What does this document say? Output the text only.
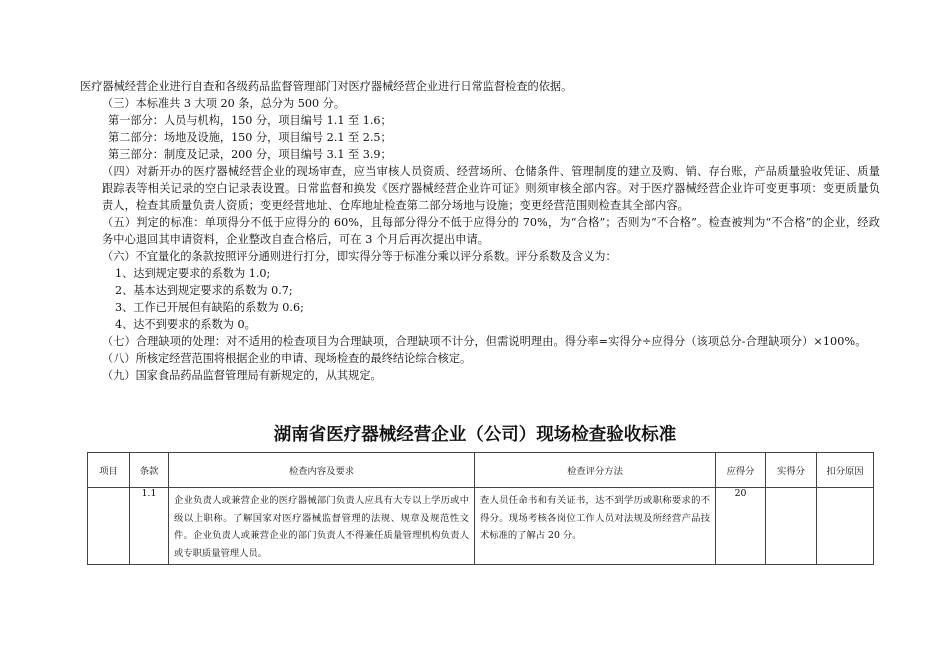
医疗器械经营企业进行自查和各级药品监督管理部门对医疗器械经营企业进行日常监督检查的依据。
（三）本标准共 3 大项 20 条，总分为 500 分。
第一部分：人员与机构，150 分，项目编号 1.1 至 1.6；
第二部分：场地及设施，150 分，项目编号 2.1 至 2.5；
第三部分：制度及记录，200 分，项目编号 3.1 至 3.9；
（四）对新开办的医疗器械经营企业的现场审查，应当审核人员资质、经营场所、仓储条件、管理制度的建立及购、销、存台账，产品质量验收凭证、质量跟踪表等相关记录的空白记录表设置。日常监督和换发《医疗器械经营企业许可证》则须审核全部内容。对于医疗器械经营企业许可变更事项：变更质量负责人，检查其质量负责人资质；变更经营地址、仓库地址检查第二部分场地与设施；变更经营范围则检查其全部内容。
（五）判定的标准：单项得分不低于应得分的 60%，且每部分得分不低于应得分的 70%，为“合格”；否则为“不合格”。检查被判为“不合格”的企业，经政务中心退回其申请资料，企业整改自查合格后，可在 3 个月后再次提出申请。
（六）不宜量化的条款按照评分通则进行打分，即实得分等于标准分乘以评分系数。评分系数及含义为：
1、达到规定要求的系数为 1.0;
2、基本达到规定要求的系数为 0.7;
3、工作已开展但有缺陷的系数为 0.6;
4、达不到要求的系数为 0。
（七）合理缺项的处理：对不适用的检查项目为合理缺项，合理缺项不计分，但需说明理由。得分率=实得分÷应得分（该项总分-合理缺项分）×100%。
（八）所核定经营范围将根据企业的申请、现场检查的最终结论综合核定。
（九）国家食品药品监督管理局有新规定的，从其规定。
湖南省医疗器械经营企业（公司）现场检查验收标准
项目	条款	检查内容及要求	检查评分方法	应得分	实得分	扣分原因
	1.1	企业负责人或兼营企业的医疗器械部门负责人应具有大专以上学历或中级以上职称。了解国家对医疗器械监督管理的法规、规章及规范性文件。企业负责人或兼营企业的部门负责人不得兼任质量管理机构负责人或专职质量管理人员。	查人员任命书和有关证书，达不到学历或职称要求的不得分。现场考核各岗位工作人员对法规及所经营产品技术标准的了解占 20 分。	20		
